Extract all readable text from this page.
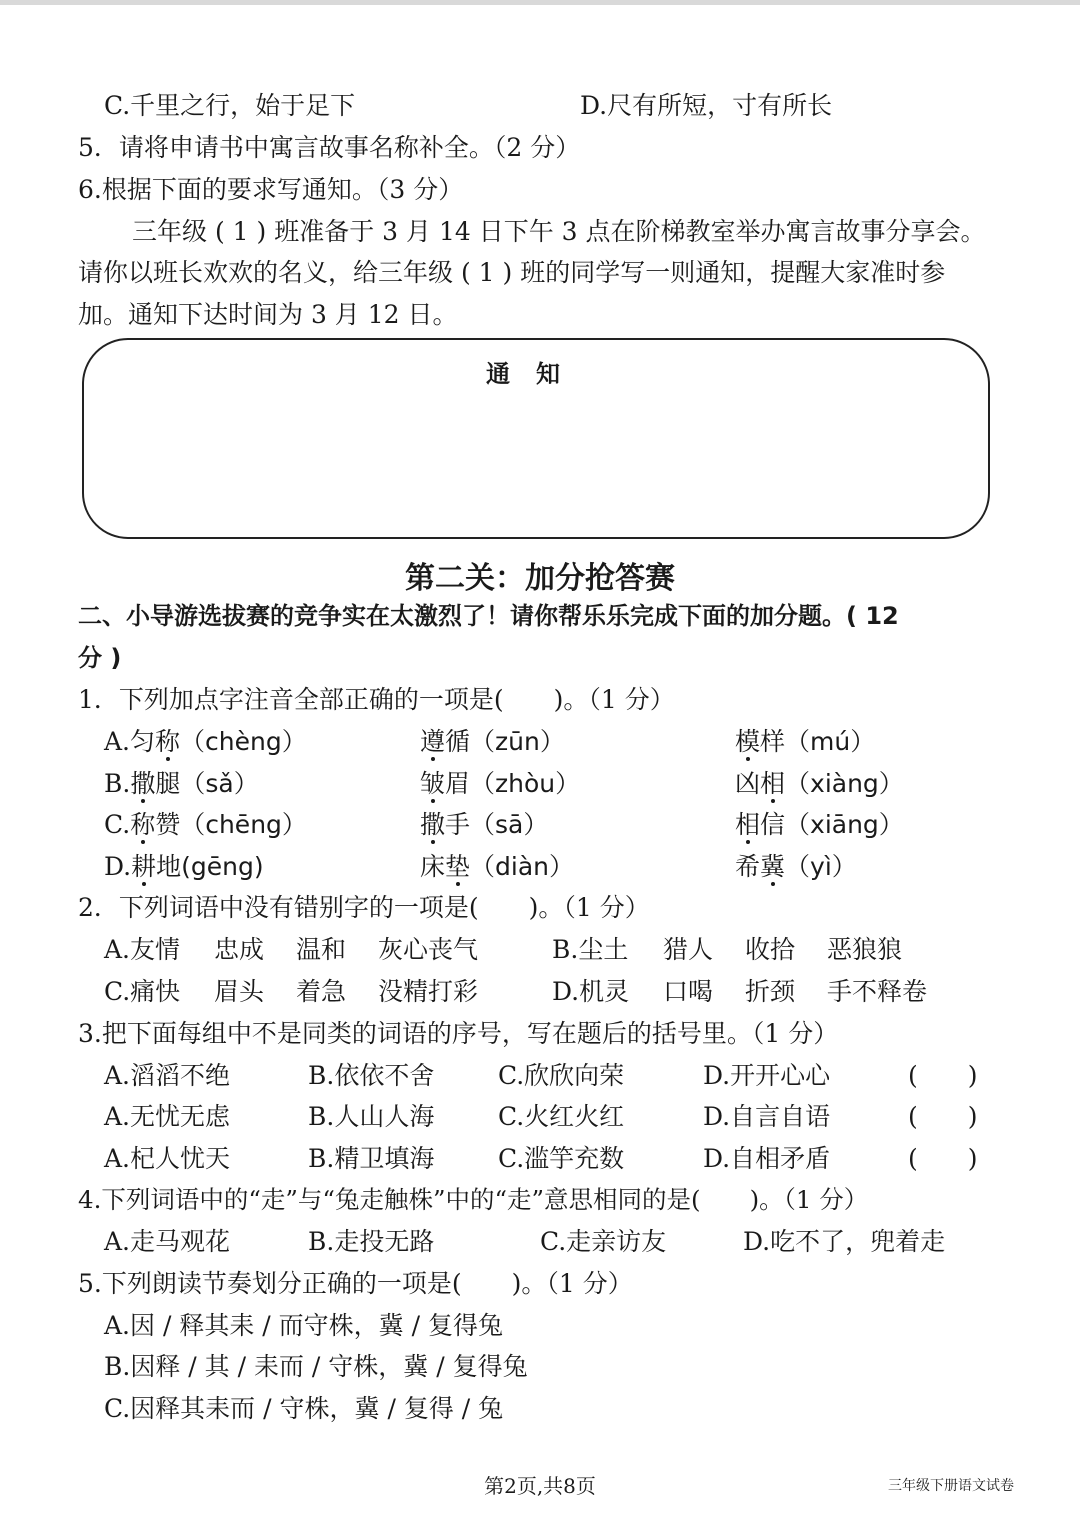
C.千里之行，始于足下	D.尺有所短，寸有所长
5．请将申请书中寓言故事名称补全。（2 分）
6.根据下面的要求写通知。（3 分）
三年级 ( 1 ) 班准备于 3 月 14 日下午 3 点在阶梯教室举办寓言故事分享会。
请你以班长欢欢的名义，给三年级 ( 1 ) 班的同学写一则通知，提醒大家准时参
加。通知下达时间为 3 月 12 日。
通知
第二关：加分抢答赛
二、小导游选拔赛的竞争实在太激烈了！请你帮乐乐完成下面的加分题。( 12
分 )
1．下列加点字注音全部正确的一项是(　　)。（1 分）
A.匀称（chèng）	遵循（zūn）	模样（mú）
B.撒腿（sǎ）	皱眉（zhòu）	凶相（xiàng）
C.称赞（chēng）	撒手（sā）	相信（xiāng）
D.耕地(gēng)	床垫（diàn）	希冀（yì）
2．下列词语中没有错别字的一项是(　　)。（1 分）
A.友情 忠成 温和 灰心丧气	B.尘土 猎人 收拾 恶狼狼
C.痛快 眉头 着急 没精打彩	D.机灵 口喝 折颈 手不释卷
3.把下面每组中不是同类的词语的序号，写在题后的括号里。（1 分）
A.滔滔不绝	B.依依不舍	C.欣欣向荣	D.开开心心	(　　)
A.无忧无虑	B.人山人海	C.火红火红	D.自言自语	(　　)
A.杞人忧天	B.精卫填海	C.滥竽充数	D.自相矛盾	(　　)
4.下列词语中的“走”与“兔走触株”中的“走”意思相同的是(　　)。（1 分）
A.走马观花	B.走投无路	C.走亲访友	D.吃不了，兜着走
5.下列朗读节奏划分正确的一项是(　　)。（1 分）
A.因 / 释其耒 / 而守株，冀 / 复得兔
B.因释 / 其 / 耒而 / 守株，冀 / 复得兔
C.因释其耒而 / 守株，冀 / 复得 / 兔
第2页,共8页	三年级下册语文试卷
